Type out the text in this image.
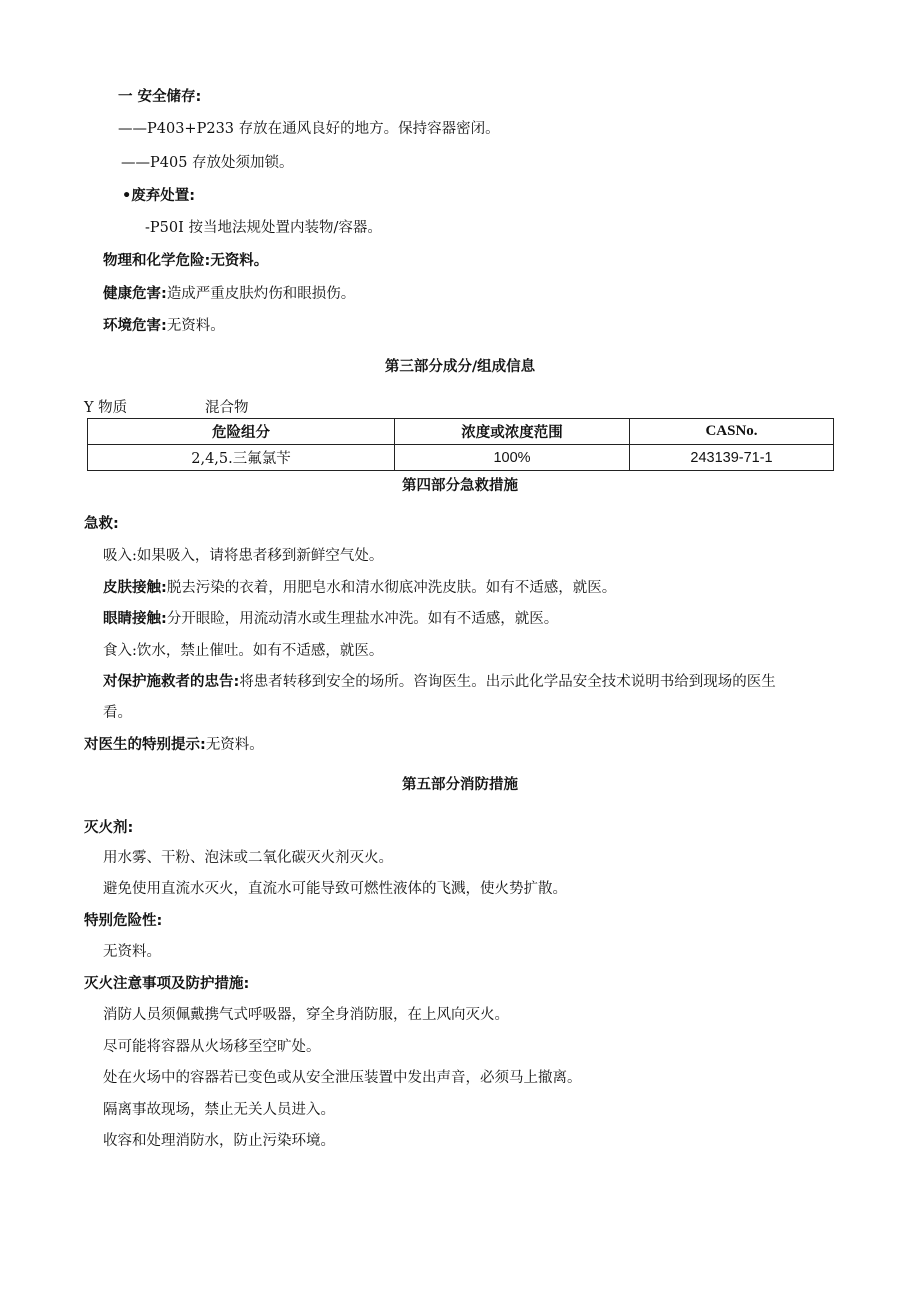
一 安全储存:
——P403+P233 存放在通风良好的地方。保持容器密闭。
——P405 存放处须加锁。
•废弃处置:
-P50I 按当地法规处置内装物/容器。
物理和化学危险:无资料。
健康危害:造成严重皮肤灼伤和眼损伤。
环境危害:无资料。
第三部分成分/组成信息
Y 物质	混合物
危险组分	浓度或浓度范围	CASNo.
2,4,5.三氟氯苄	100%	243139-71-1
第四部分急救措施
急救:
吸入:如果吸入，请将患者移到新鲜空气处。
皮肤接触:脱去污染的衣着，用肥皂水和清水彻底冲洗皮肤。如有不适感，就医。
眼睛接触:分开眼睑，用流动清水或生理盐水冲洗。如有不适感，就医。
食入:饮水，禁止催吐。如有不适感，就医。
对保护施救者的忠告:将患者转移到安全的场所。咨询医生。出示此化学品安全技术说明书给到现场的医生
看。
对医生的特别提示:无资料。
第五部分消防措施
灭火剂:
用水雾、干粉、泡沫或二氧化碳灭火剂灭火。
避免使用直流水灭火，直流水可能导致可燃性液体的飞溅，使火势扩散。
特别危险性:
无资料。
灭火注意事项及防护措施:
消防人员须佩戴携气式呼吸器，穿全身消防服，在上风向灭火。
尽可能将容器从火场移至空旷处。
处在火场中的容器若已变色或从安全泄压装置中发出声音，必须马上撤离。
隔离事故现场，禁止无关人员进入。
收容和处理消防水，防止污染环境。
